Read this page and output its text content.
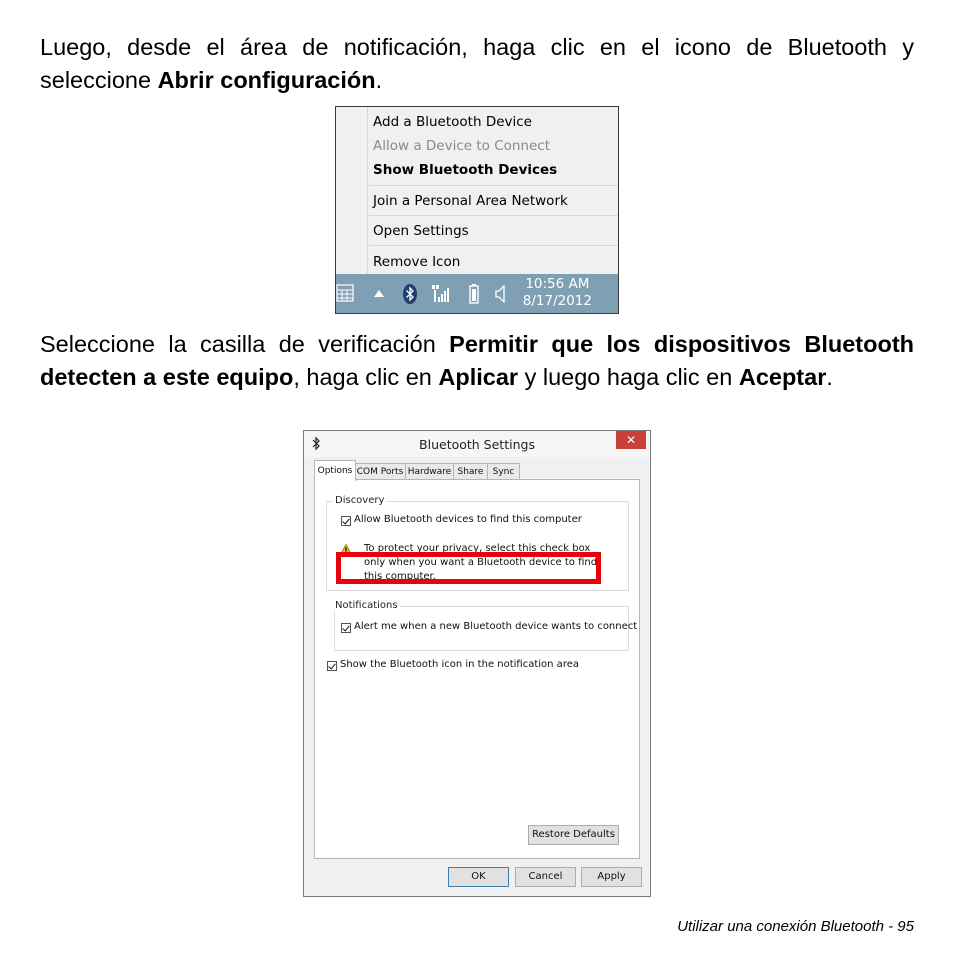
Luego, desde el área de notificación, haga clic en el icono de Bluetooth y seleccione Abrir configuración.

Add a Bluetooth Device
Allow a Device to Connect
Show Bluetooth Devices
Join a Personal Area Network
Open Settings
Remove Icon
10:56 AM
8/17/2012

Seleccione la casilla de verificación Permitir que los dispositivos Bluetooth detecten a este equipo, haga clic en Aplicar y luego haga clic en Aceptar.

Bluetooth Settings	✕
Options COM Ports Hardware Share	Sync
Discovery
Allow Bluetooth devices to find this computer
To protect your privacy, select this check box only when you want a Bluetooth device to find this computer.
Notifications
Alert me when a new Bluetooth device wants to connect
Show the Bluetooth icon in the notification area
Restore Defaults
OK	Cancel	Apply
Utilizar una conexión Bluetooth - 95
